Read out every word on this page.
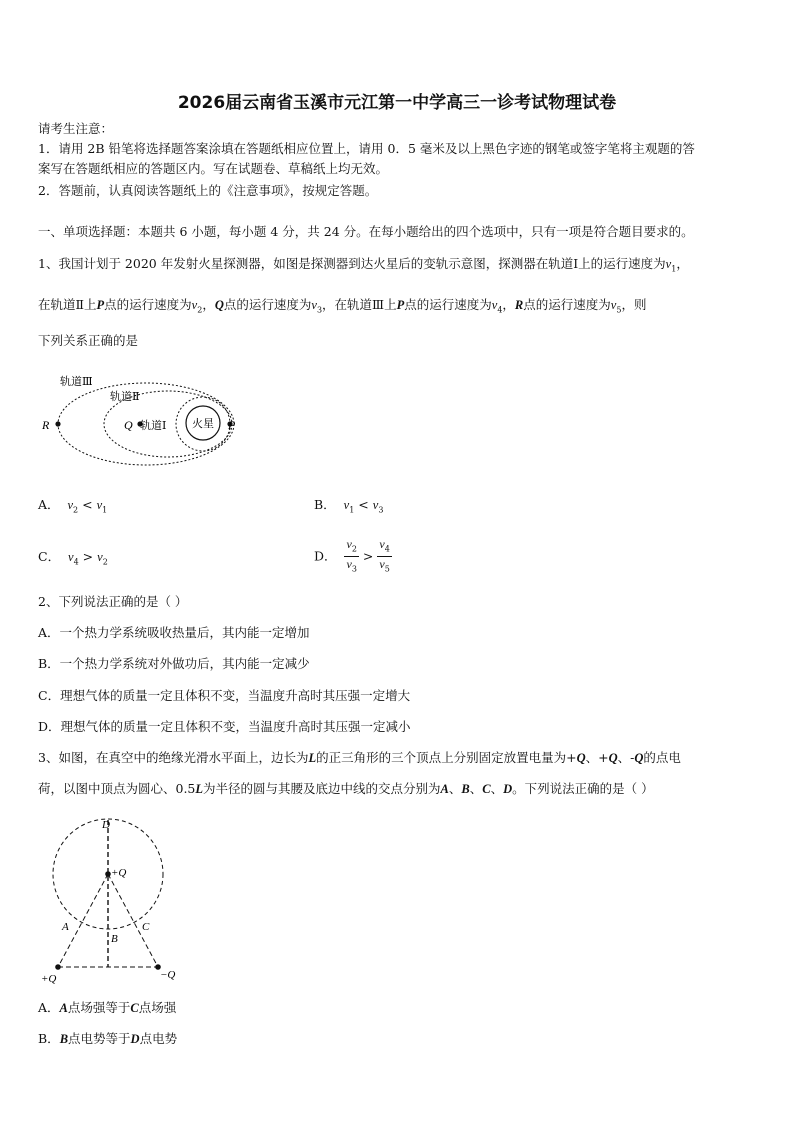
2026届云南省玉溪市元江第一中学高三一诊考试物理试卷
请考生注意：
1．请用 2B 铅笔将选择题答案涂填在答题纸相应位置上，请用 0．5 毫米及以上黑色字迹的钢笔或签字笔将主观题的答
案写在答题纸相应的答题区内。写在试题卷、草稿纸上均无效。
2．答题前，认真阅读答题纸上的《注意事项》，按规定答题。
一、单项选择题：本题共 6 小题，每小题 4 分，共 24 分。在每小题给出的四个选项中，只有一项是符合题目要求的。
1、我国计划于 2020 年发射火星探测器，如图是探测器到达火星后的变轨示意图，探测器在轨道Ⅰ上的运行速度为$v_1$，
在轨道Ⅱ上P点的运行速度为$v_2$，Q点的运行速度为$v_3$，在轨道Ⅲ上P点的运行速度为$v_4$，R点的运行速度为$v_5$，则
下列关系正确的是
轨道Ⅲ
轨道Ⅱ
轨道Ⅰ 火星
R	Q	P
A． $v_2 < v_1$	B． $v_1 < v_3$
C． $v_4 > v_2$	D． $\frac{v_2}{v_3} > \frac{v_4}{v_5}$
2、下列说法正确的是（ ）
A．一个热力学系统吸收热量后，其内能一定增加
B．一个热力学系统对外做功后，其内能一定减少
C．理想气体的质量一定且体积不变，当温度升高时其压强一定增大
D．理想气体的质量一定且体积不变，当温度升高时其压强一定减小
3、如图，在真空中的绝缘光滑水平面上，边长为L的正三角形的三个顶点上分别固定放置电量为+Q、+Q、-Q的点电
荷，以图中顶点为圆心、0.5L为半径的圆与其腰及底边中线的交点分别为A、B、C、D。下列说法正确的是（ ）
D
+Q
A
B
C
+Q	−Q
A．A点场强等于C点场强
B．B点电势等于D点电势
